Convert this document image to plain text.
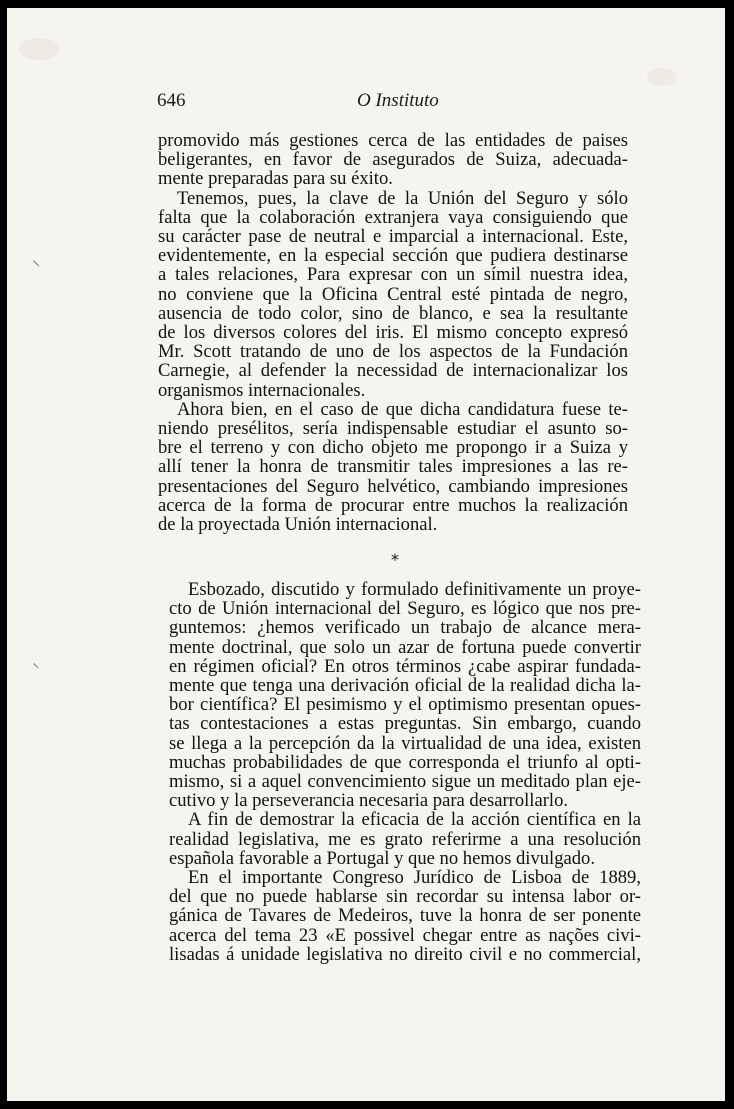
646	O Instituto
promovido más gestiones cerca de las entidades de paises
beligerantes, en favor de asegurados de Suiza, adecuada-
mente preparadas para su éxito.
Tenemos, pues, la clave de la Unión del Seguro y sólo
falta que la colaboración extranjera vaya consiguiendo que
su carácter pase de neutral e imparcial a internacional. Este,
evidentemente, en la especial sección que pudiera destinarse
a tales relaciones, Para expresar con un símil nuestra idea,
no conviene que la Oficina Central esté pintada de negro,
ausencia de todo color, sino de blanco, e sea la resultante
de los diversos colores del iris. El mismo concepto expresó
Mr. Scott tratando de uno de los aspectos de la Fundación
Carnegie, al defender la necessidad de internacionalizar los
organismos internacionales.
Ahora bien, en el caso de que dicha candidatura fuese te-
niendo presélitos, sería indispensable estudiar el asunto so-
bre el terreno y con dicho objeto me propongo ir a Suiza y
allí tener la honra de transmitir tales impresiones a las re-
presentaciones del Seguro helvético, cambiando impresiones
acerca de la forma de procurar entre muchos la realización
de la proyectada Unión internacional.
*
Esbozado, discutido y formulado definitivamente un proye-
cto de Unión internacional del Seguro, es lógico que nos pre-
guntemos: ¿hemos verificado un trabajo de alcance mera-
mente doctrinal, que solo un azar de fortuna puede convertir
en régimen oficial? En otros términos ¿cabe aspirar fundada-
mente que tenga una derivación oficial de la realidad dicha la-
bor científica? El pesimismo y el optimismo presentan opues-
tas contestaciones a estas preguntas. Sin embargo, cuando
se llega a la percepción da la virtualidad de una idea, existen
muchas probabilidades de que corresponda el triunfo al opti-
mismo, si a aquel convencimiento sigue un meditado plan eje-
cutivo y la perseverancia necesaria para desarrollarlo.
A fin de demostrar la eficacia de la acción científica en la
realidad legislativa, me es grato referirme a una resolución
española favorable a Portugal y que no hemos divulgado.
En el importante Congreso Jurídico de Lisboa de 1889,
del que no puede hablarse sin recordar su intensa labor or-
gánica de Tavares de Medeiros, tuve la honra de ser ponente
acerca del tema 23 «E possivel chegar entre as nações civi-
lisadas á unidade legislativa no direito civil e no commercial,
